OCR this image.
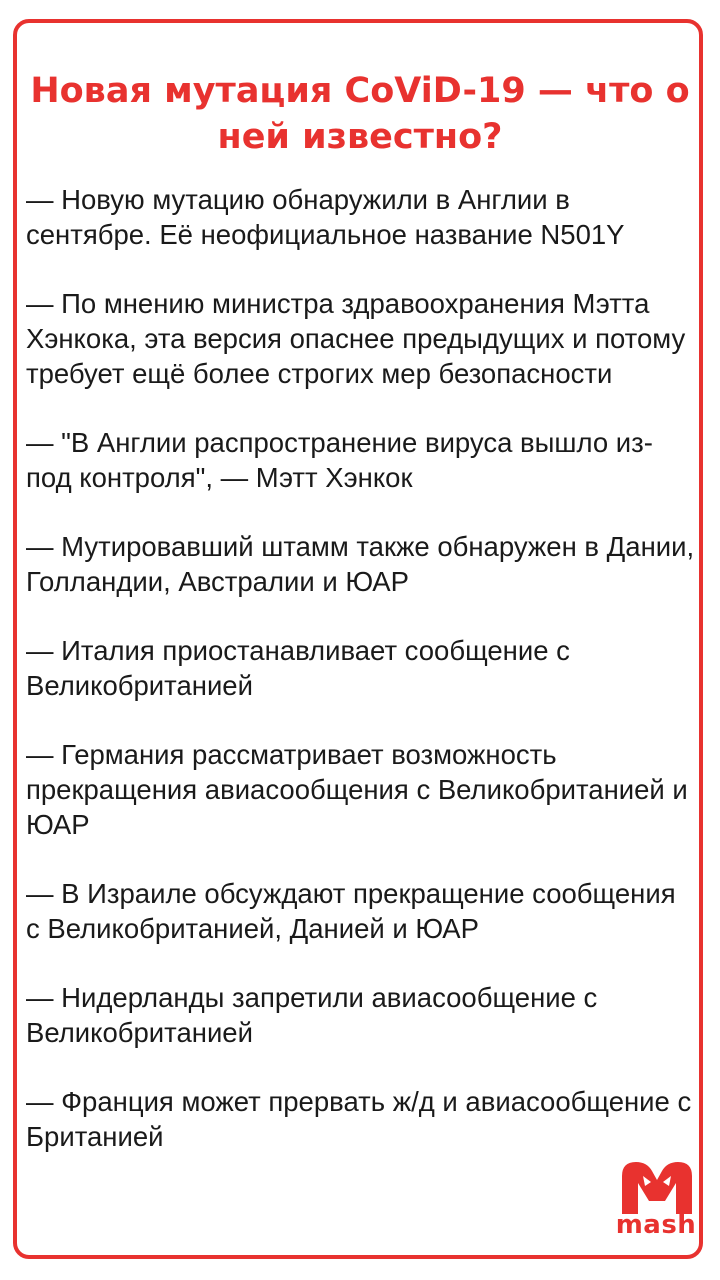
Новая мутация CoViD-19 — что о ней известно?
— Новую мутацию обнаружили в Англии в сентябре. Её неофициальное название N501Y
— По мнению министра здравоохранения Мэтта Хэнкока, эта версия опаснее предыдущих и потому требует ещё более строгих мер безопасности
— "В Англии распространение вируса вышло из-под контроля", — Мэтт Хэнкок
— Мутировавший штамм также обнаружен в Дании, Голландии, Австралии и ЮАР
— Италия приостанавливает сообщение с Великобританией
— Германия рассматривает возможность прекращения авиасообщения с Великобританией и ЮАР
— В Израиле обсуждают прекращение сообщения с Великобританией, Данией и ЮАР
— Нидерланды запретили авиасообщение с Великобританией
— Франция может прервать ж/д и авиасообщение с Британией
mash
